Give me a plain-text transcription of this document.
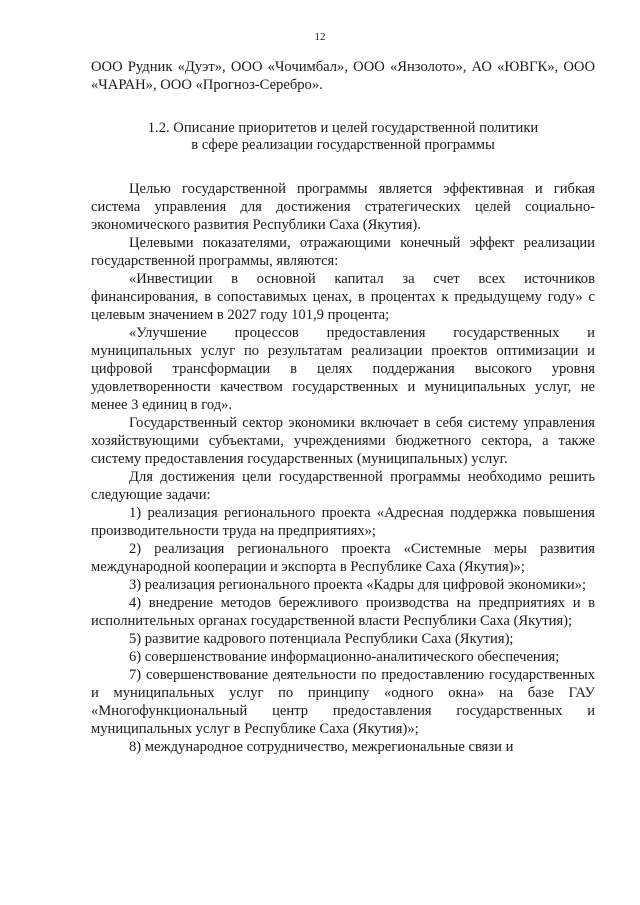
12

ООО Рудник «Дуэт», ООО «Чочимбал», ООО «Янзолото», АО «ЮВГК», ООО «ЧАРАН», ООО «Прогноз-Серебро».

1.2. Описание приоритетов и целей государственной политики
в сфере реализации государственной программы

Целью государственной программы является эффективная и гибкая система управления для достижения стратегических целей социально-экономического развития Республики Саха (Якутия).

Целевыми показателями, отражающими конечный эффект реализации государственной программы, являются:

«Инвестиции в основной капитал за счет всех источников финансирования, в сопоставимых ценах, в процентах к предыдущему году» с целевым значением в 2027 году 101,9 процента;

«Улучшение процессов предоставления государственных и муниципальных услуг по результатам реализации проектов оптимизации и цифровой трансформации в целях поддержания высокого уровня удовлетворенности качеством государственных и муниципальных услуг, не менее 3 единиц в год».

Государственный сектор экономики включает в себя систему управления хозяйствующими субъектами, учреждениями бюджетного сектора, а также систему предоставления государственных (муниципальных) услуг.

Для достижения цели государственной программы необходимо решить следующие задачи:

1) реализация регионального проекта «Адресная поддержка повышения производительности труда на предприятиях»;

2) реализация регионального проекта «Системные меры развития международной кооперации и экспорта в Республике Саха (Якутия)»;

3) реализация регионального проекта «Кадры для цифровой экономики»;

4) внедрение методов бережливого производства на предприятиях и в исполнительных органах государственной власти Республики Саха (Якутия);

5) развитие кадрового потенциала Республики Саха (Якутия);

6) совершенствование информационно-аналитического обеспечения;

7) совершенствование деятельности по предоставлению государственных и муниципальных услуг по принципу «одного окна» на базе ГАУ «Многофункциональный центр предоставления государственных и муниципальных услуг в Республике Саха (Якутия)»;

8) международное сотрудничество, межрегиональные связи и
